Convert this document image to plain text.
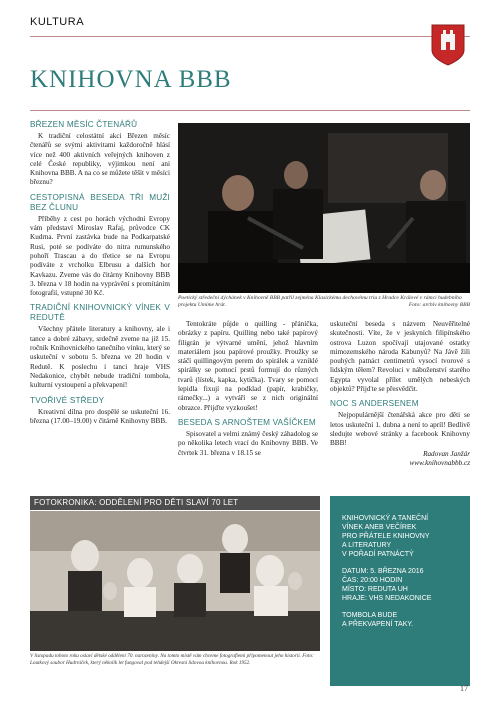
KULTURA
KNIHOVNA BBB
BŘEZEN MĚSÍC ČTENÁŘŮ

K tradiční celostátní akci Březen měsíc čtenářů se svými aktivitami každoročně hlásí více než 400 aktivních veřejných knihoven z celé České republiky, výjimkou není ani Knihovna BBB. A na co se můžete těšit v měsíci březnu?

CESTOPISNÁ BESEDA TŘI MUŽI BEZ ČLUNU

Příběhy z cest po horách východní Evropy vám představí Miroslav Rafaj, průvodce CK Kudrna. První zastávka bude na Podkarpatské Rusi, poté se podíváte do nitra rumunského pohoří Trascau a do třetice se na Evropu podíváte z vrcholku Elbrusu a dalších hor Kavkazu. Zveme vás do čitárny Knihovny BBB 3. března v 18 hodin na vyprávění s promítáním fotografií, vstupné 30 Kč.

TRADIČNÍ KNIHOVNICKÝ VÍNEK V REDUTĚ

Všechny přátele literatury a knihovny, ale i tance a dobré zábavy, srdečně zveme na již 15. ročník Knihovnického tanečního vínku, který se uskuteční v sobotu 5. března ve 20 hodin v Redutě. K poslechu i tanci hraje VHS Nedakonice, chybět nebude tradiční tombola, kulturní vystoupení a překvapení!

TVOŘIVÉ STŘEDY

Kreativní dílna pro dospělé se uskuteční 16. března (17.00–19.00) v čitárně Knihovny BBB.

Poetický středeční dýchánek v Knihovně BBB patřil zejména Klasickému dechovému triu z Hradce Králové v rámci hudebního projektu Umíme hrát.	Foto: archiv knihovny BBB

Tentokráte půjde o quilling - přáníčka, obrázky z papíru. Quilling nebo také papírový filigrán je výtvarné umění, jehož hlavním materiálem jsou papírové proužky. Proužky se stáčí quillingovým perem do spirálek a vzniklé spirálky se pomocí prstů formují do různých tvarů (lístek, kapka, kytička). Tvary se pomocí lepidla fixují na podklad (papír, krabičky, rámečky...) a vytváří se z nich originální obrazce. Přijďte vyzkoušet!

BESEDA S ARNOŠTEM VAŠÍČKEM

Spisovatel a velmi známý český záhadolog se po několika letech vrací do Knihovny BBB. Ve čtvrtek 31. března v 18.15 se

uskuteční beseda s názvem Neuvěřitelné skutečnosti. Víte, že v jeskyních filipínského ostrova Luzon spočívají utajované ostatky mimozemského národa Kabunyů? Na Jávě žili pouhých patnáct centimetrů vysocí tvorové s lidským těłem? Revoluci v náboženství starého Egypta vyvolal přílet umělých nebeských objektů? Přijďte se přesvědčit.

NOC S ANDERSENEM

Nejpopulárnější čtenářská akce pro děti se letos uskuteční 1. dubna a není to apríl! Bedlivě sledujte webové stránky a facebook Knihovny BBB!

Radovan Janžár
www.knihovnabbb.cz
FOTOKRONIKA: ODDĚLENÍ PRO DĚTI SLAVÍ 70 LET
V listopadu tohoto roku oslaví dětské oddělení 70. narozeniny. Na tomto místě vám chceme fotografiemi připomenout jeho historii. Foto: Loutkový soubor Hudrníček, který několik let fungoval pod tehdejší Okresní lidovou knihovnou. Rok 1952.
KNIHOVNICKÝ A TANEČNÍ
VÍNEK ANEB VEČÍREK
PRO PŘÁTELE KNIHOVNY
A LITERATURY
V POŘADÍ PATNÁCTÝ
DATUM: 5. BŘEZNA 2016
ČAS: 20:00 HODIN
MÍSTO: REDUTA UH
HRAJE: VHS NEDAKONICE
TOMBOLA BUDE
A PŘEKVAPENÍ TAKY.
17
